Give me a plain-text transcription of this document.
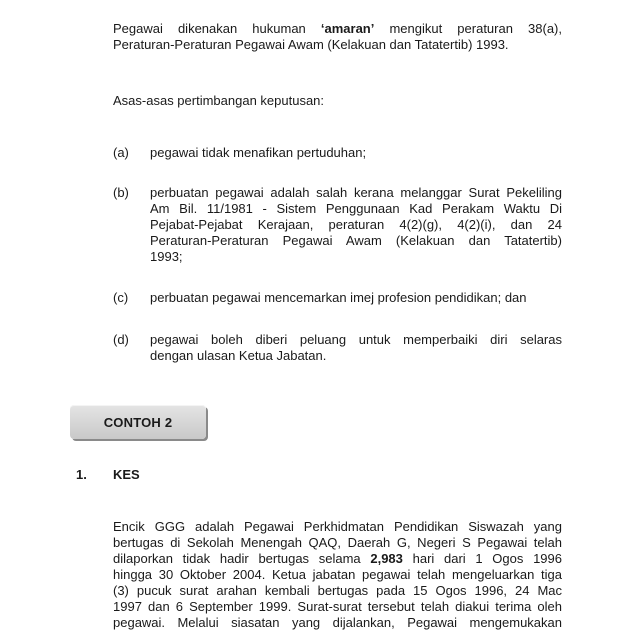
Pegawai dikenakan hukuman ‘amaran’ mengikut peraturan 38(a),

Peraturan-Peraturan Pegawai Awam (Kelakuan dan Tatatertib) 1993.

Asas-asas pertimbangan keputusan:
(a) pegawai tidak menafikan pertuduhan;
(b) perbuatan pegawai adalah salah kerana melanggar Surat Pekeliling
Am Bil. 11/1981 - Sistem Penggunaan Kad Perakam Waktu Di
Pejabat-Pejabat Kerajaan, peraturan 4(2)(g), 4(2)(i), dan 24
Peraturan-Peraturan Pegawai Awam (Kelakuan dan Tatatertib)
1993;
(c) perbuatan pegawai mencemarkan imej profesion pendidikan; dan
(d) pegawai boleh diberi peluang untuk memperbaiki diri selaras
dengan ulasan Ketua Jabatan.
CONTOH 2
1. KES

Encik GGG adalah Pegawai Perkhidmatan Pendidikan Siswazah yang

bertugas di Sekolah Menengah QAQ, Daerah G, Negeri S Pegawai telah

dilaporkan tidak hadir bertugas selama 2,983 hari dari 1 Ogos 1996

hingga 30 Oktober 2004. Ketua jabatan pegawai telah mengeluarkan tiga

(3) pucuk surat arahan kembali bertugas pada 15 Ogos 1996, 24 Mac

1997 dan 6 September 1999. Surat-surat tersebut telah diakui terima oleh

pegawai. Melalui siasatan yang dijalankan, Pegawai mengemukakan
